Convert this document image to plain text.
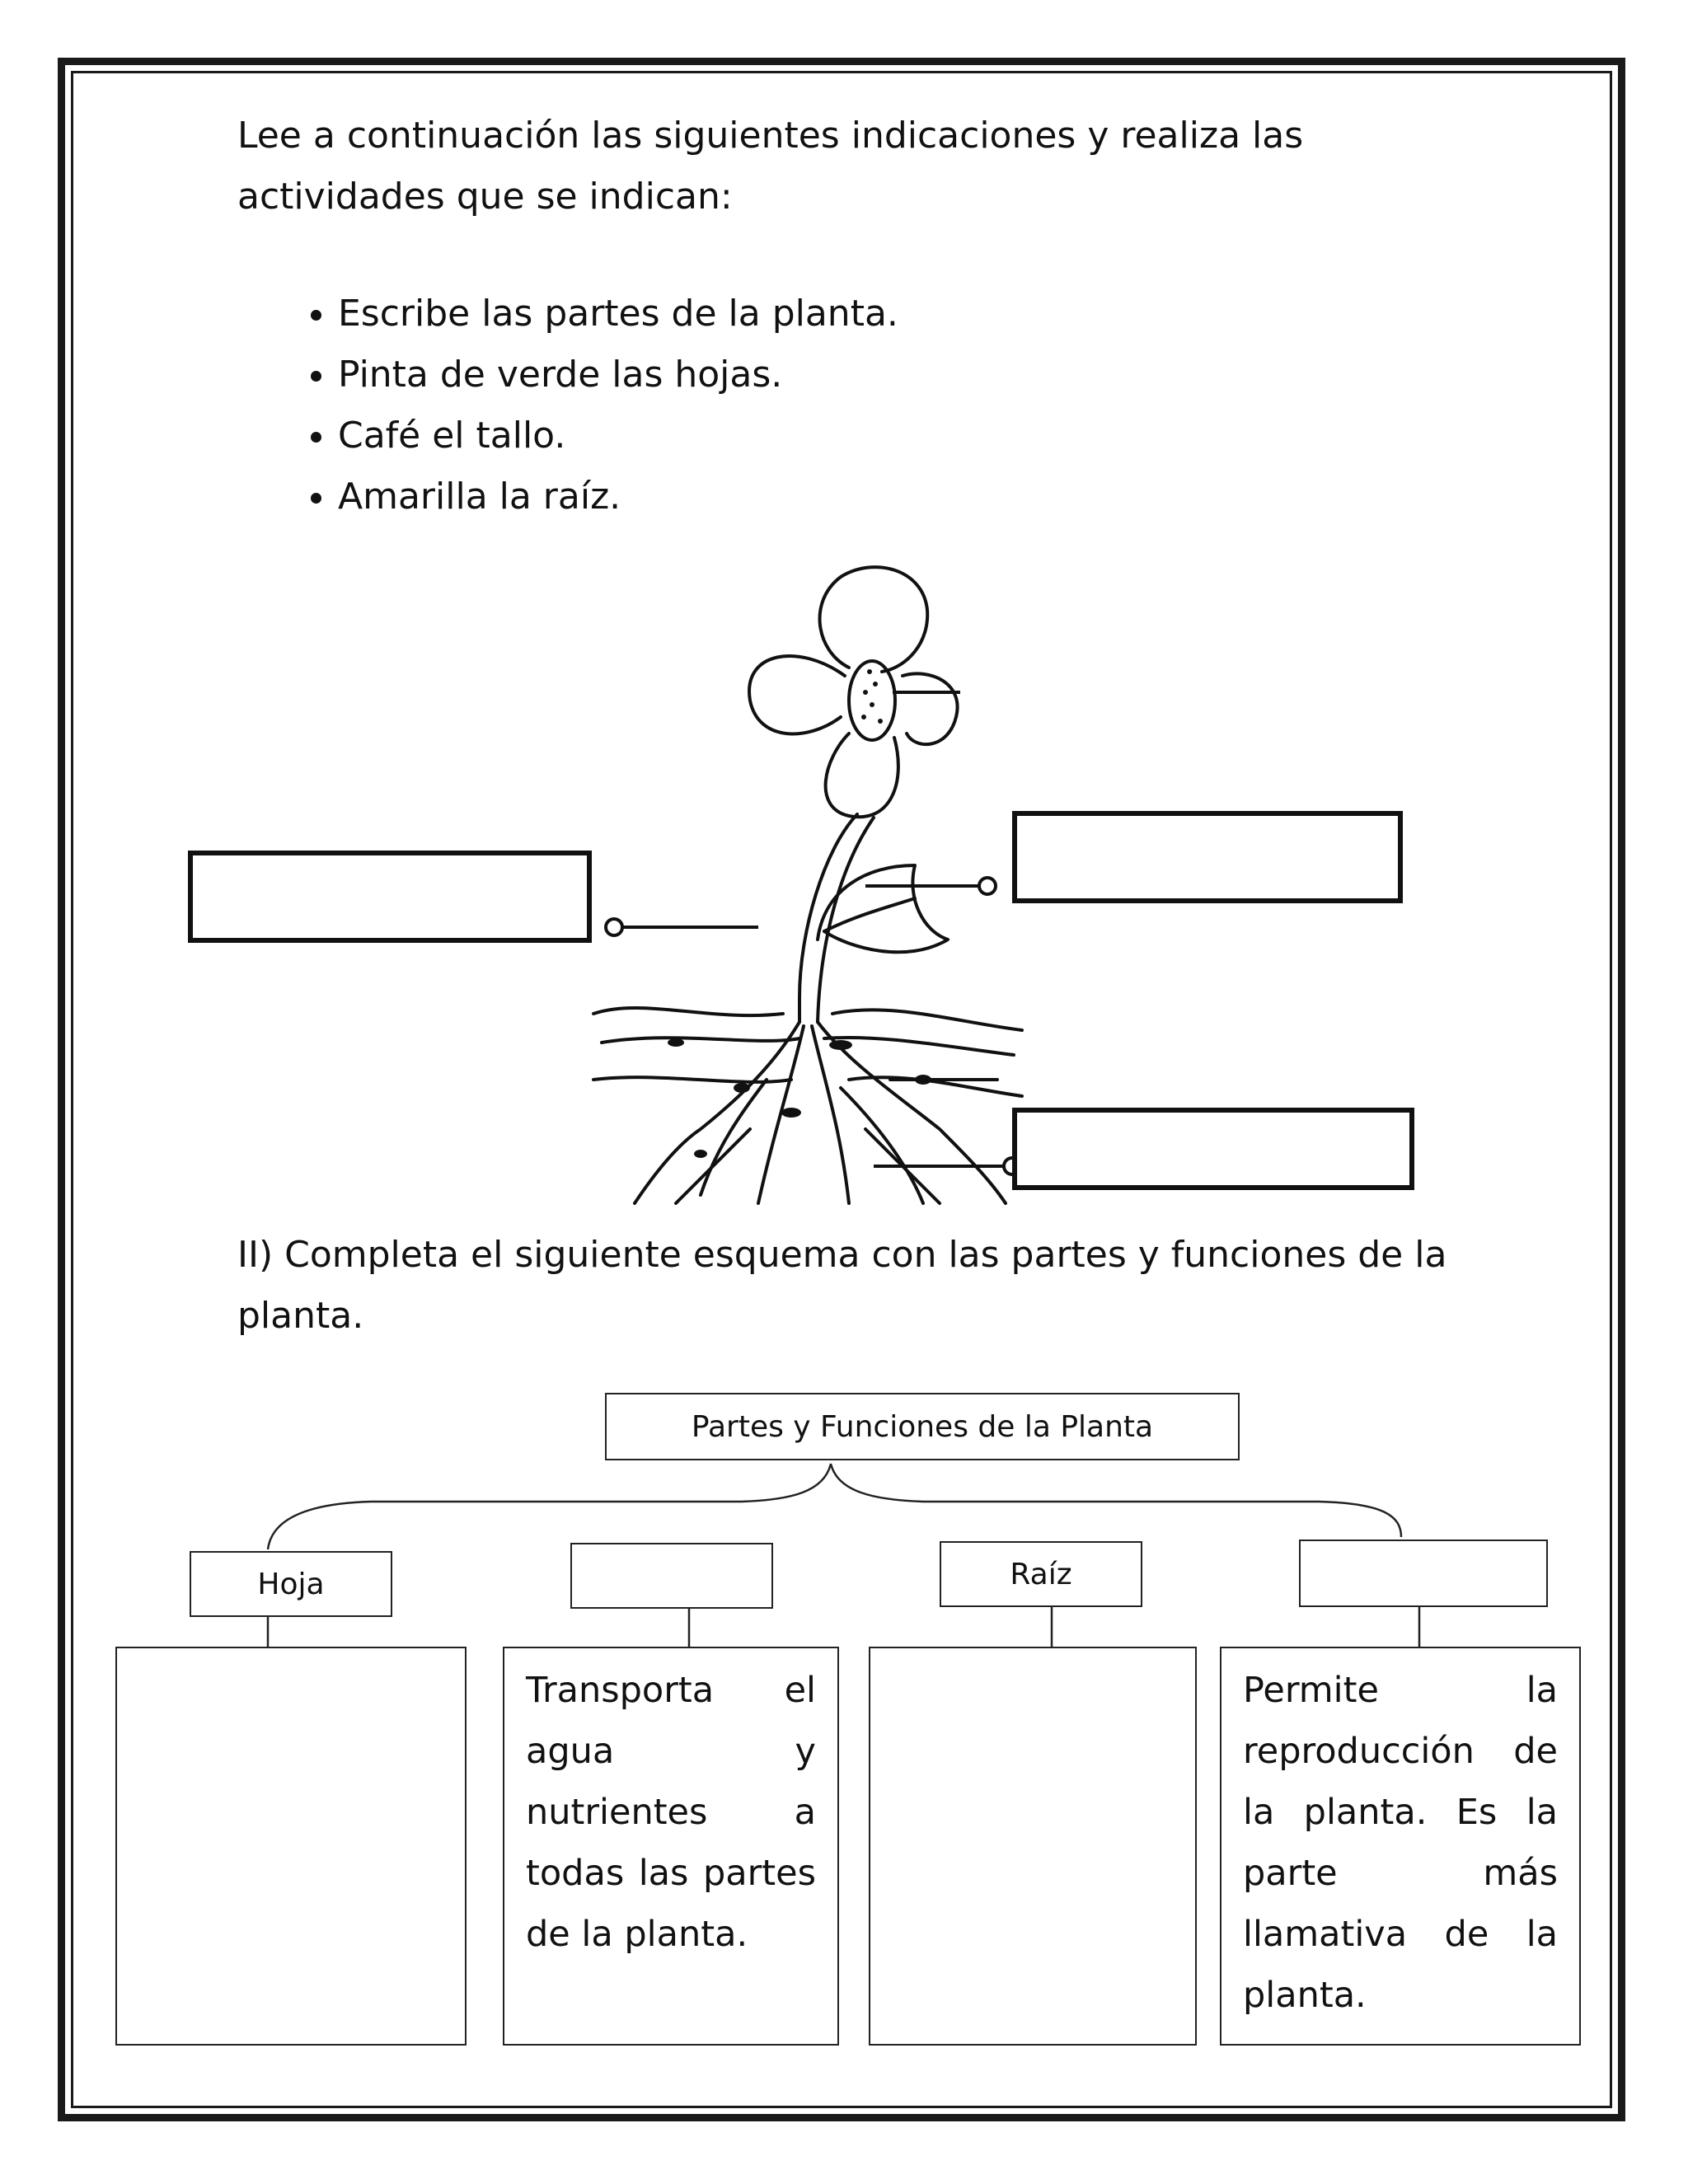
Lee a continuación las siguientes indicaciones y realiza las actividades que se indican:

• Escribe las partes de la planta.
• Pinta de verde las hojas.
• Café el tallo.
• Amarilla la raíz.

II) Completa el siguiente esquema con las partes y funciones de la planta.

Partes y Funciones de la Planta
Hoja	Raíz
Transporta el agua y nutrientes a todas las partes de la planta.
Permite la reproducción de la planta. Es la parte más llamativa de la planta.
